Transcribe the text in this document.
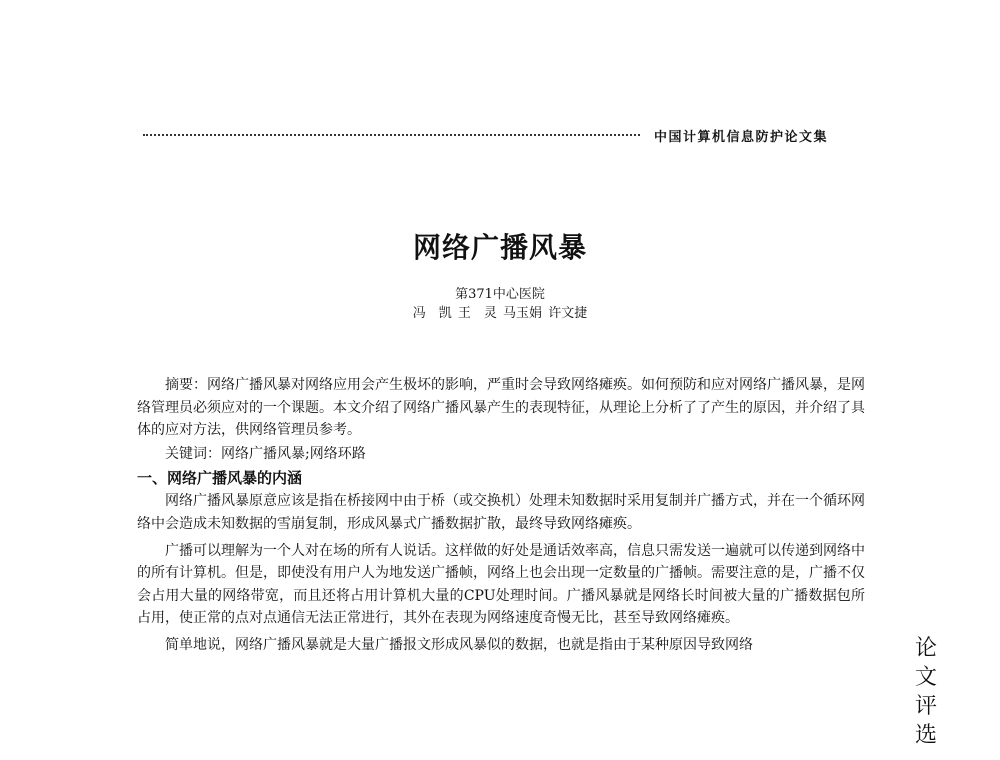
中国计算机信息防护论文集
网络广播风暴
第371中心医院
冯　凯 王　灵 马玉娟 许文捷

摘要：网络广播风暴对网络应用会产生极坏的影响，严重时会导致网络瘫痪。如何预防和应对网络广播风暴，是网络管理员必须应对的一个课题。本文介绍了网络广播风暴产生的表现特征，从理论上分析了了产生的原因，并介绍了具体的应对方法，供网络管理员参考。

关键词：网络广播风暴;网络环路

一、网络广播风暴的内涵

网络广播风暴原意应该是指在桥接网中由于桥（或交换机）处理未知数据时采用复制并广播方式，并在一个循环网络中会造成未知数据的雪崩复制，形成风暴式广播数据扩散，最终导致网络瘫痪。

广播可以理解为一个人对在场的所有人说话。这样做的好处是通话效率高，信息只需发送一遍就可以传递到网络中的所有计算机。但是，即使没有用户人为地发送广播帧，网络上也会出现一定数量的广播帧。需要注意的是，广播不仅会占用大量的网络带宽，而且还将占用计算机大量的CPU处理时间。广播风暴就是网络长时间被大量的广播数据包所占用，使正常的点对点通信无法正常进行，其外在表现为网络速度奇慢无比，甚至导致网络瘫痪。

简单地说，网络广播风暴就是大量广播报文形成风暴似的数据，也就是指由于某种原因导致网络	论
文
评
选
